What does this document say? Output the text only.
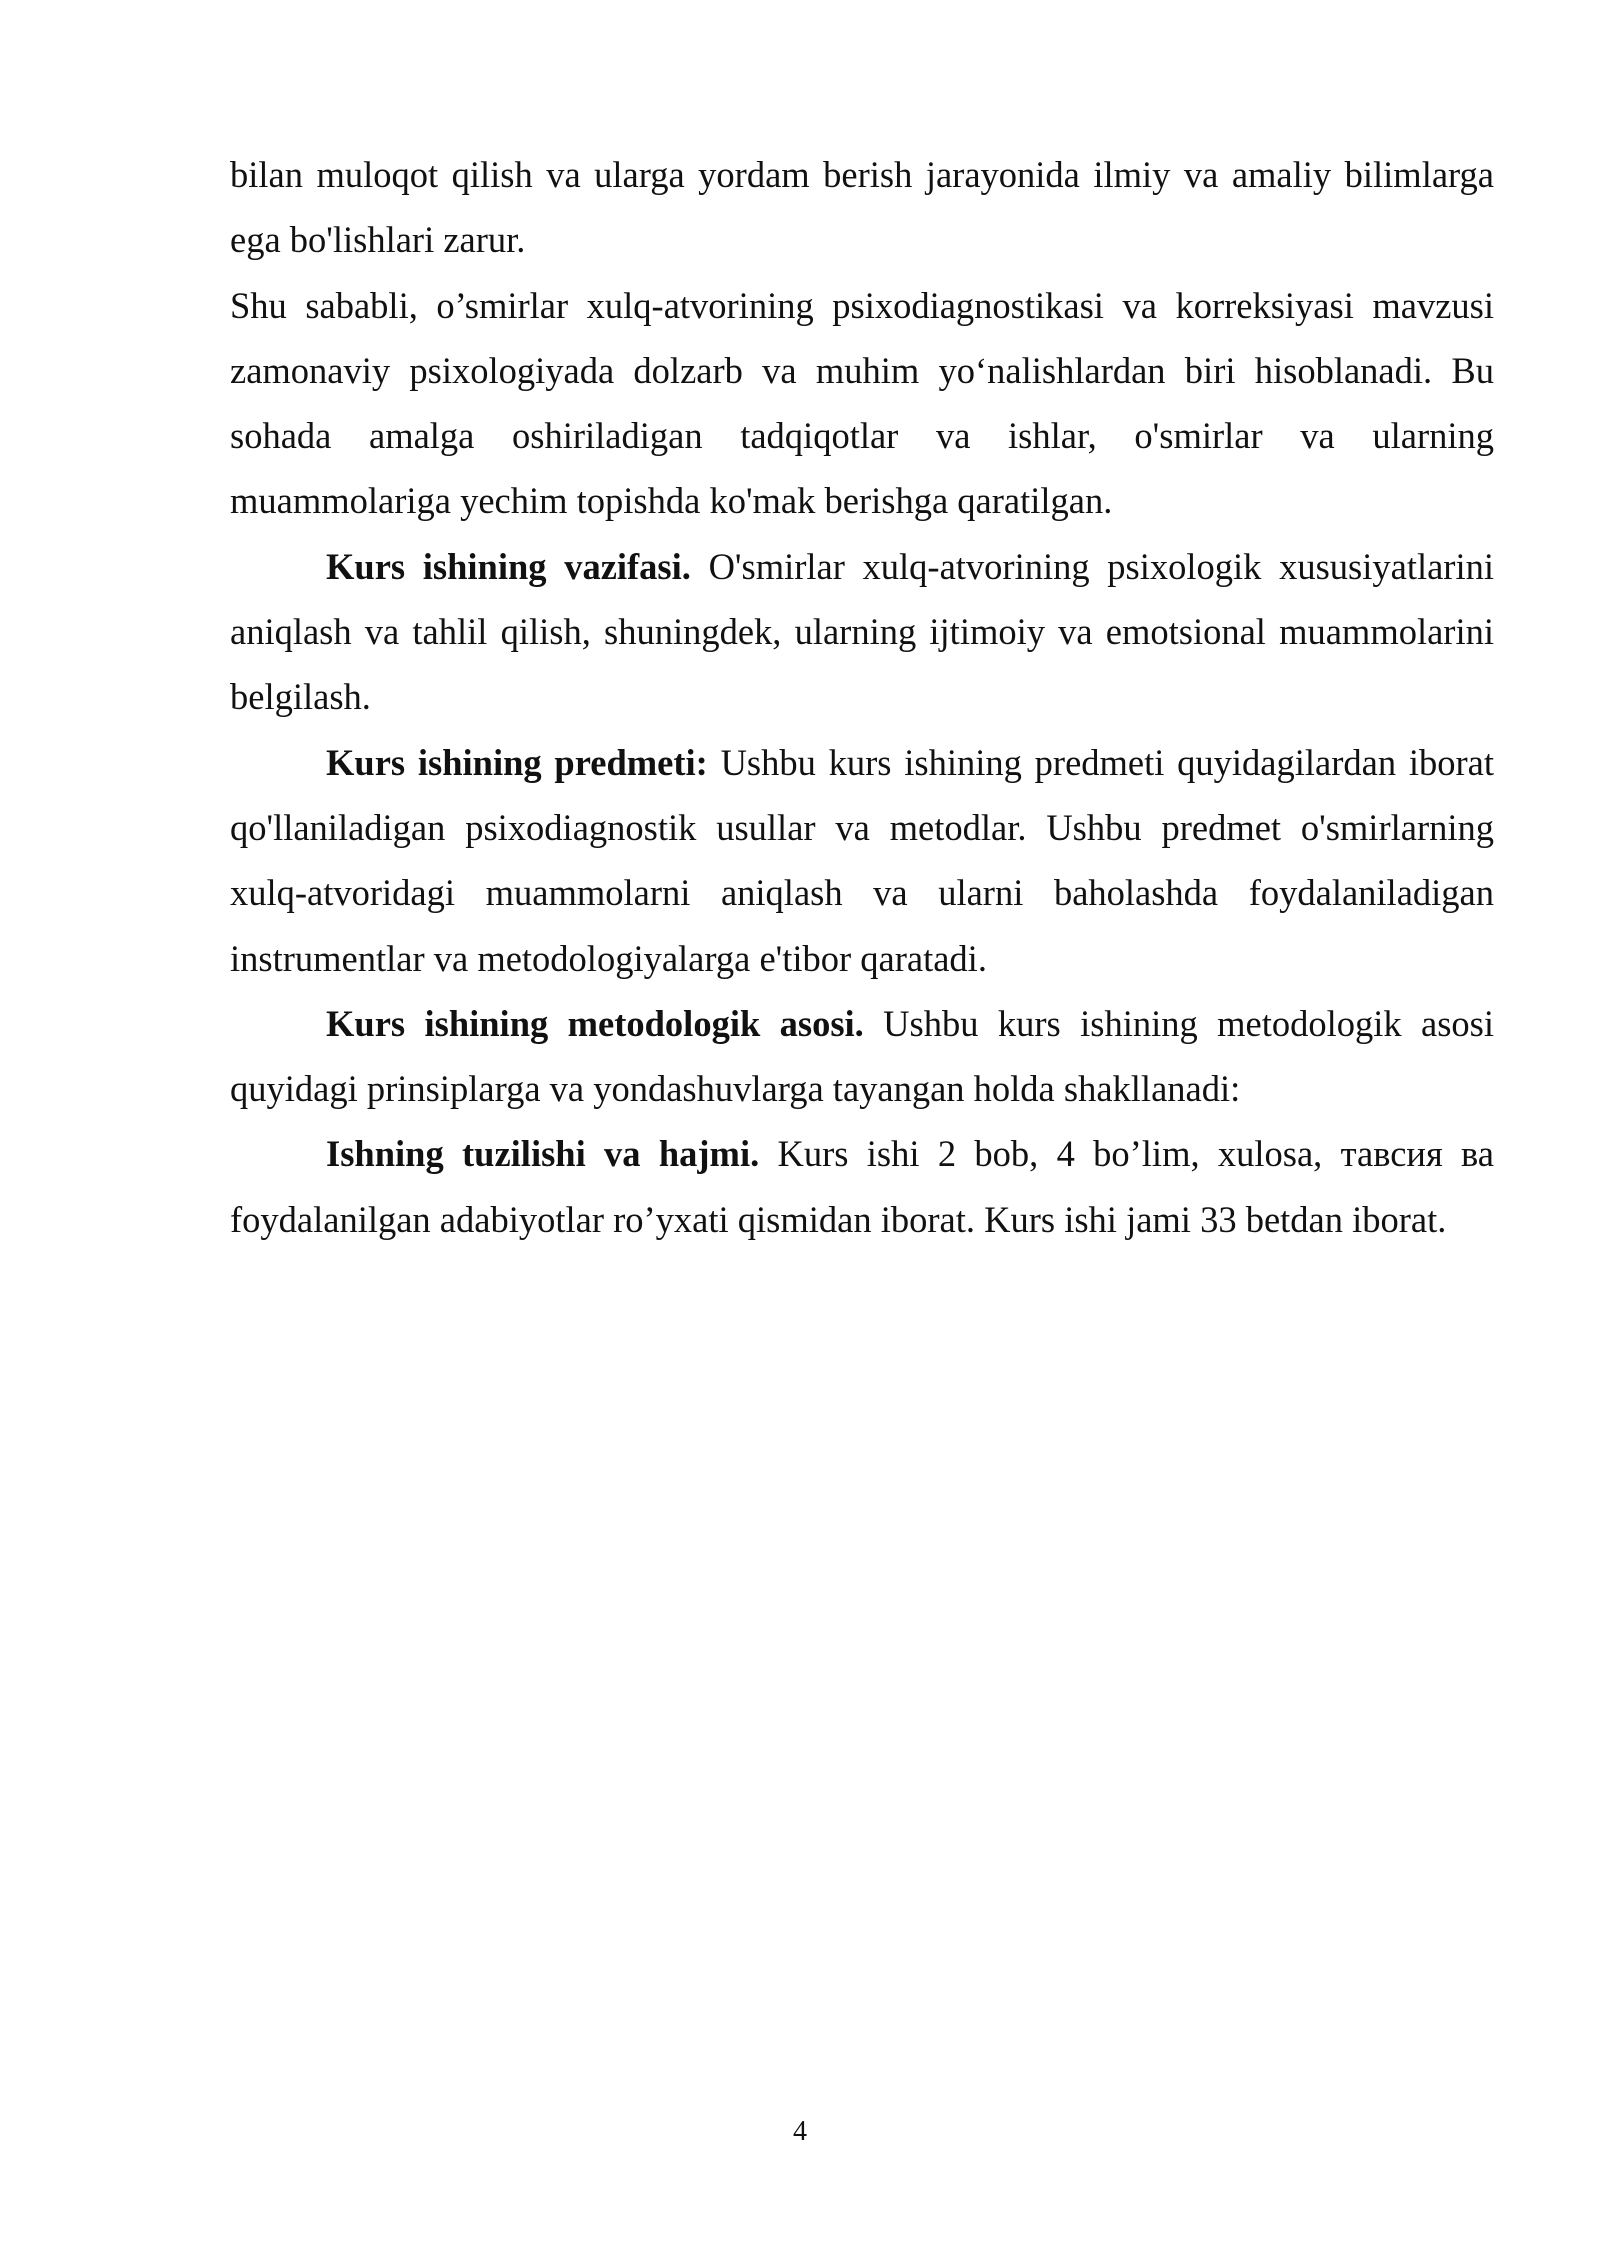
bilan muloqot qilish va ularga yordam berish jarayonida ilmiy va amaliy bilimlarga ega bo'lishlari zarur.

Shu sababli, o’smirlar xulq-atvorining psixodiagnostikasi va korreksiyasi mavzusi zamonaviy psixologiyada dolzarb va muhim yo‘nalishlardan biri hisoblanadi. Bu sohada amalga oshiriladigan tadqiqotlar va ishlar, o'smirlar va ularning muammolariga yechim topishda ko'mak berishga qaratilgan.

Kurs ishining vazifasi. O'smirlar xulq-atvorining psixologik xususiyatlarini aniqlash va tahlil qilish, shuningdek, ularning ijtimoiy va emotsional muammolarini belgilash.

Kurs ishining predmeti: Ushbu kurs ishining predmeti quyidagilardan iborat qo'llaniladigan psixodiagnostik usullar va metodlar. Ushbu predmet o'smirlarning xulq-atvoridagi muammolarni aniqlash va ularni baholashda foydalaniladigan instrumentlar va metodologiyalarga e'tibor qaratadi.

Kurs ishining metodologik asosi. Ushbu kurs ishining metodologik asosi quyidagi prinsiplarga va yondashuvlarga tayangan holda shakllanadi:

Ishning tuzilishi va hajmi. Kurs ishi 2 bob, 4 bo’lim, xulosa, тавсия ва foydalanilgan adabiyotlar ro’yxati qismidan iborat. Kurs ishi jami 33 betdan iborat.

4
